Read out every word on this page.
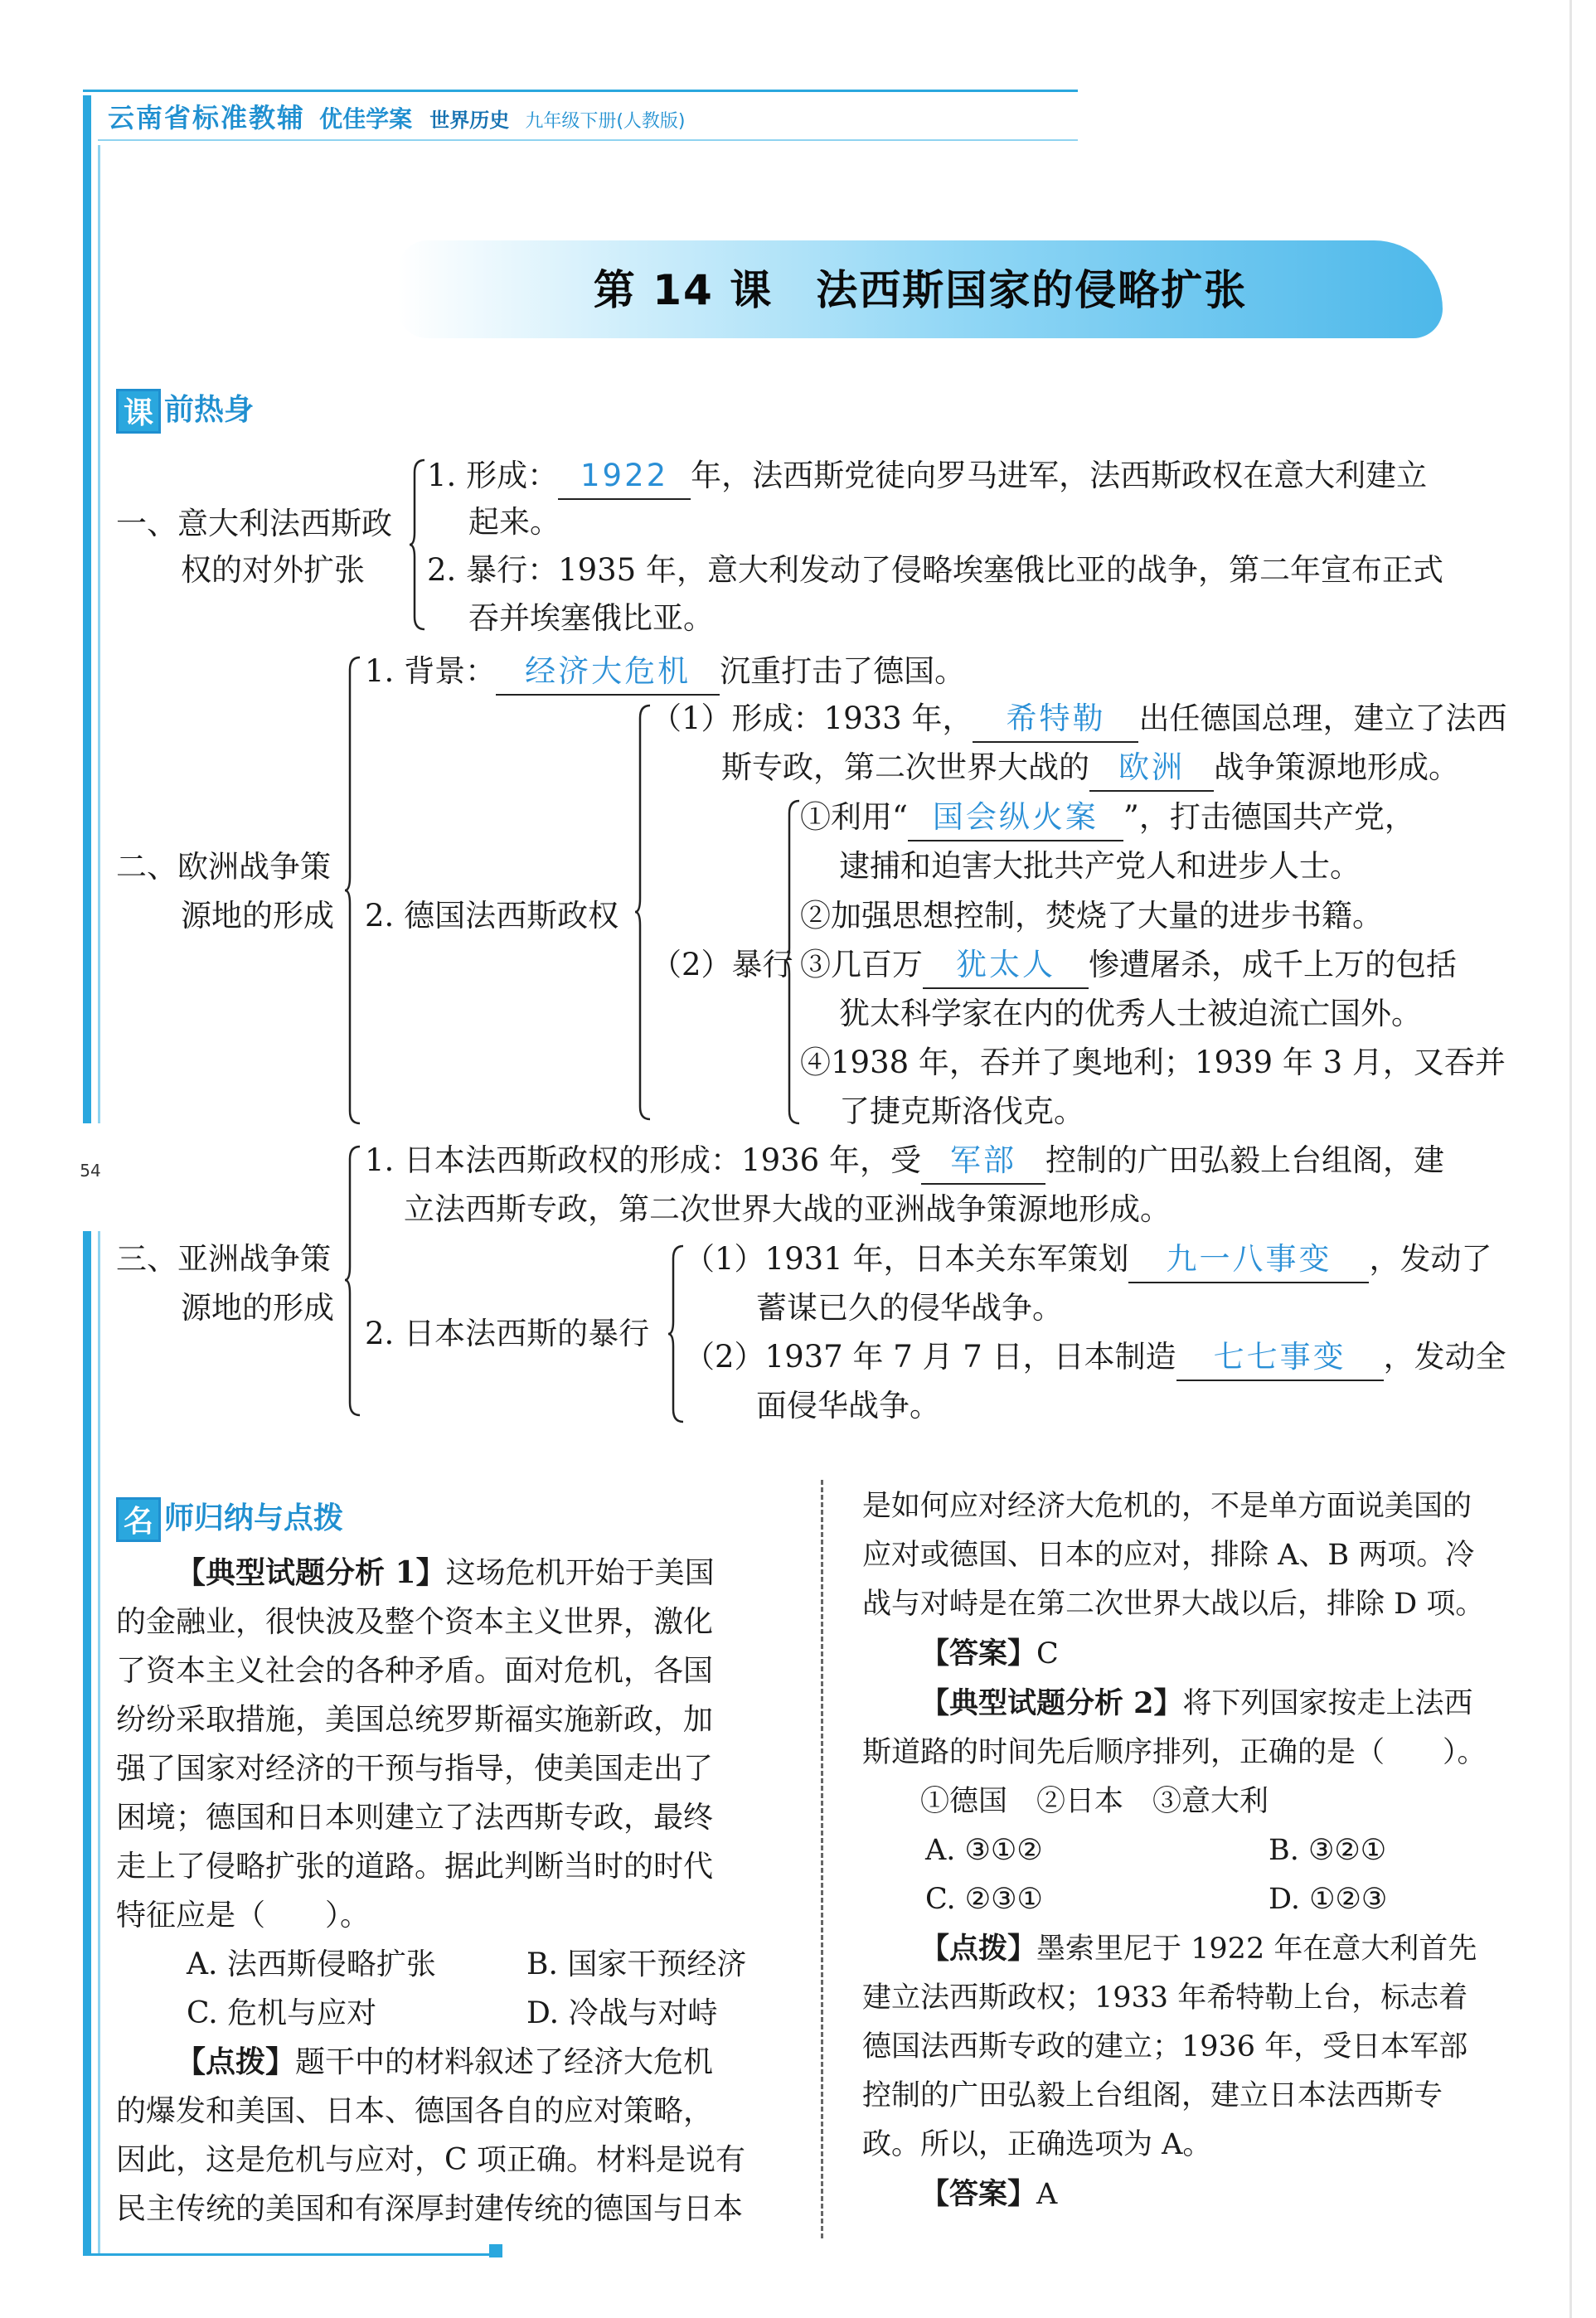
54
云南省标准教辅 优佳学案 世界历史 九年级下册(人教版)
第 14 课　法西斯国家的侵略扩张
课 前热身
一、意大利法西斯政
权的对外扩张
1. 形成： 1922 年，法西斯党徒向罗马进军，法西斯政权在意大利建立
起来。
2. 暴行：1935 年，意大利发动了侵略埃塞俄比亚的战争，第二年宣布正式
吞并埃塞俄比亚。
二、欧洲战争策
源地的形成
1. 背景： 经济大危机 沉重打击了德国。
2. 德国法西斯政权
（1）形成：1933 年， 希特勒 出任德国总理，建立了法西
斯专政，第二次世界大战的 欧洲 战争策源地形成。
（2）暴行
①利用“ 国会纵火案 ”，打击德国共产党，
逮捕和迫害大批共产党人和进步人士。
②加强思想控制，焚烧了大量的进步书籍。
③几百万 犹太人 惨遭屠杀，成千上万的包括
犹太科学家在内的优秀人士被迫流亡国外。
④1938 年，吞并了奥地利；1939 年 3 月，又吞并
了捷克斯洛伐克。
三、亚洲战争策
源地的形成
1. 日本法西斯政权的形成：1936 年，受 军部 控制的广田弘毅上台组阁，建
立法西斯专政，第二次世界大战的亚洲战争策源地形成。
2. 日本法西斯的暴行
（1）1931 年，日本关东军策划 九一八事变 ，发动了
蓄谋已久的侵华战争。
（2）1937 年 7 月 7 日，日本制造 七七事变 ，发动全
面侵华战争。
名 师归纳与点拨
【典型试题分析 1】这场危机开始于美国
的金融业，很快波及整个资本主义世界，激化
了资本主义社会的各种矛盾。面对危机，各国
纷纷采取措施，美国总统罗斯福实施新政，加
强了国家对经济的干预与指导，使美国走出了
困境；德国和日本则建立了法西斯专政，最终
走上了侵略扩张的道路。据此判断当时的时代
特征应是（　　）。
A. 法西斯侵略扩张	B. 国家干预经济
C. 危机与应对	D. 冷战与对峙
【点拨】题干中的材料叙述了经济大危机
的爆发和美国、日本、德国各自的应对策略，
因此，这是危机与应对，C 项正确。材料是说有
民主传统的美国和有深厚封建传统的德国与日本
是如何应对经济大危机的，不是单方面说美国的
应对或德国、日本的应对，排除 A、B 两项。冷
战与对峙是在第二次世界大战以后，排除 D 项。
【答案】C
【典型试题分析 2】将下列国家按走上法西
斯道路的时间先后顺序排列，正确的是（　　）。
①德国　②日本　③意大利
A. ③①②	B. ③②①
C. ②③①	D. ①②③
【点拨】墨索里尼于 1922 年在意大利首先
建立法西斯政权；1933 年希特勒上台，标志着
德国法西斯专政的建立；1936 年，受日本军部
控制的广田弘毅上台组阁，建立日本法西斯专
政。所以，正确选项为 A。
【答案】A
